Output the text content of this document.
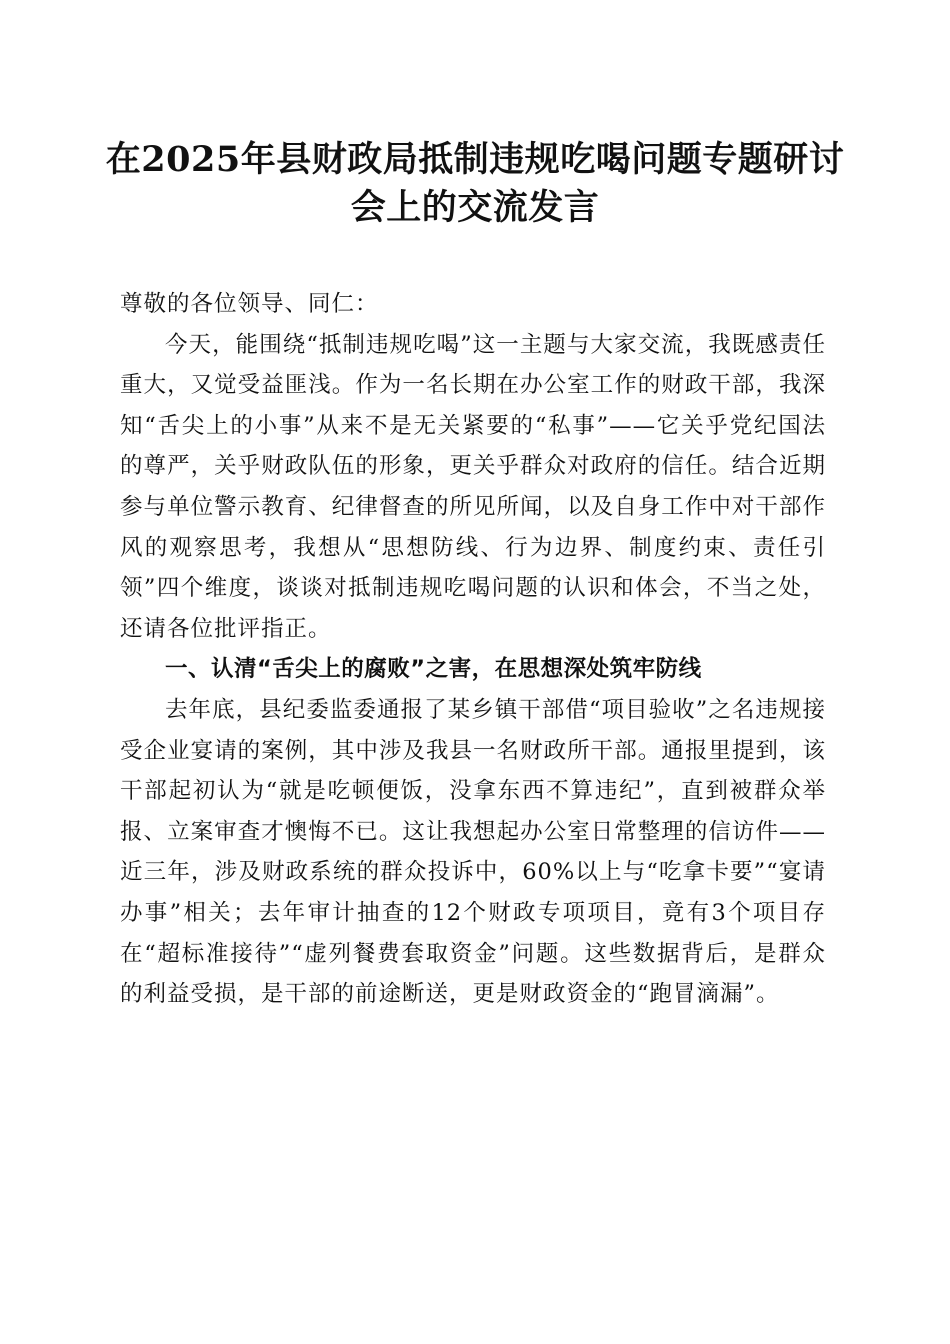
在2025年县财政局抵制违规吃喝问题专题研讨会上的交流发言

尊敬的各位领导、同仁：

今天，能围绕“抵制违规吃喝”这一主题与大家交流，我既感责任重大，又觉受益匪浅。作为一名长期在办公室工作的财政干部，我深知“舌尖上的小事”从来不是无关紧要的“私事”——它关乎党纪国法的尊严，关乎财政队伍的形象，更关乎群众对政府的信任。结合近期参与单位警示教育、纪律督查的所见所闻，以及自身工作中对干部作风的观察思考，我想从“思想防线、行为边界、制度约束、责任引领”四个维度，谈谈对抵制违规吃喝问题的认识和体会，不当之处，还请各位批评指正。

一、认清“舌尖上的腐败”之害，在思想深处筑牢防线

去年底，县纪委监委通报了某乡镇干部借“项目验收”之名违规接受企业宴请的案例，其中涉及我县一名财政所干部。通报里提到，该干部起初认为“就是吃顿便饭，没拿东西不算违纪”，直到被群众举报、立案审查才懊悔不已。这让我想起办公室日常整理的信访件——近三年，涉及财政系统的群众投诉中，60%以上与“吃拿卡要”“宴请办事”相关；去年审计抽查的12个财政专项项目，竟有3个项目存在“超标准接待”“虚列餐费套取资金”问题。这些数据背后，是群众的利益受损，是干部的前途断送，更是财政资金的“跑冒滴漏”。
